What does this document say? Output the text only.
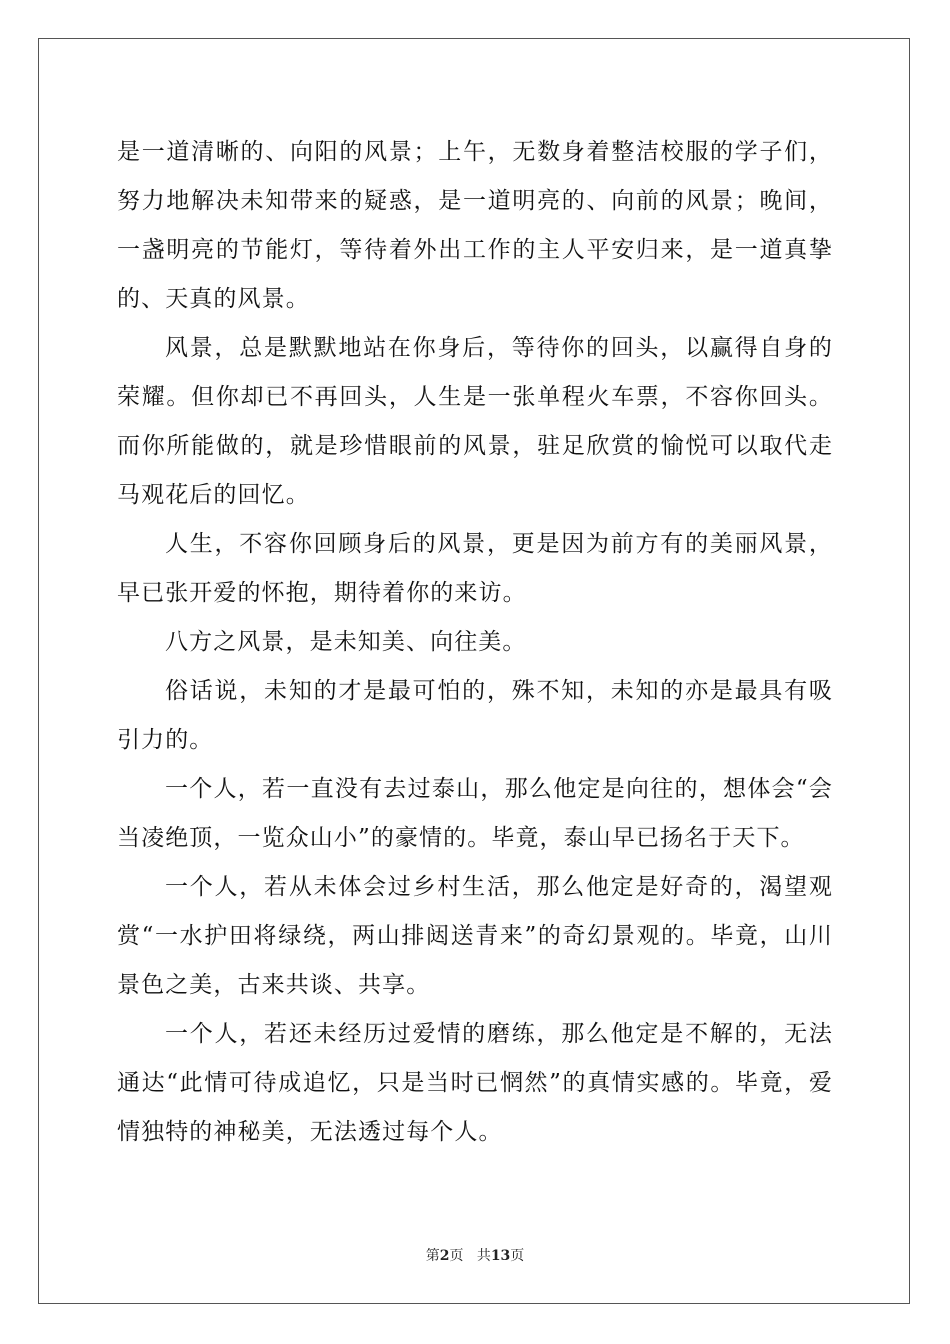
是一道清晰的、向阳的风景；上午，无数身着整洁校服的学子们，努力地解决未知带来的疑惑，是一道明亮的、向前的风景；晚间，一盏明亮的节能灯，等待着外出工作的主人平安归来，是一道真挚的、天真的风景。

风景，总是默默地站在你身后，等待你的回头，以赢得自身的荣耀。但你却已不再回头，人生是一张单程火车票，不容你回头。而你所能做的，就是珍惜眼前的风景，驻足欣赏的愉悦可以取代走马观花后的回忆。

人生，不容你回顾身后的风景，更是因为前方有的美丽风景，早已张开爱的怀抱，期待着你的来访。

八方之风景，是未知美、向往美。

俗话说，未知的才是最可怕的，殊不知，未知的亦是最具有吸引力的。

一个人，若一直没有去过泰山，那么他定是向往的，想体会“会当凌绝顶，一览众山小”的豪情的。毕竟，泰山早已扬名于天下。

一个人，若从未体会过乡村生活，那么他定是好奇的，渴望观赏“一水护田将绿绕，两山排闼送青来”的奇幻景观的。毕竟，山川景色之美，古来共谈、共享。

一个人，若还未经历过爱情的磨练，那么他定是不解的，无法通达“此情可待成追忆，只是当时已惘然”的真情实感的。毕竟，爱情独特的神秘美，无法透过每个人。

第2页 共13页
